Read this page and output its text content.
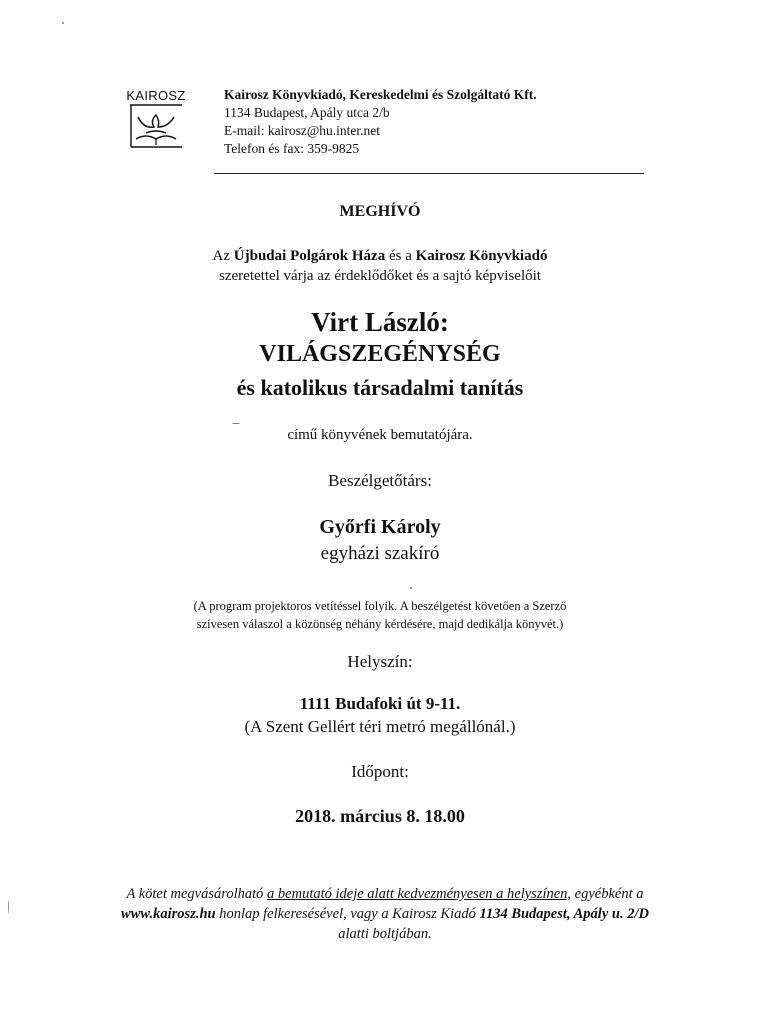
KAIROSZ	Kairosz Könyvkiadó, Kereskedelmi és Szolgáltató Kft.
1134 Budapest, Apály utca 2/b
E-mail: kairosz@hu.inter.net
Telefon és fax: 359-9825
MEGHÍVÓ
Az Újbudai Polgárok Háza és a Kairosz Könyvkiadó
szeretettel várja az érdeklődőket és a sajtó képviselőit
Virt László:
VILÁGSZEGÉNYSÉG
és katolikus társadalmi tanítás
című könyvének bemutatójára.
Beszélgetőtárs:
Győrfi Károly
egyházi szakíró
(A program projektoros vetítéssel folyik. A beszélgetést követően a Szerző
szívesen válaszol a közönség néhány kérdésére, majd dedikálja könyvét.)
Helyszín:
1111 Budafoki út 9-11.
(A Szent Gellért téri metró megállónál.)
Időpont:
2018. március 8. 18.00
A kötet megvásárolható a bemutató ideje alatt kedvezményesen a helyszínen, egyébként a www.kairosz.hu honlap felkeresésével, vagy a Kairosz Kiadó 1134 Budapest, Apály u. 2/D alatti boltjában.
